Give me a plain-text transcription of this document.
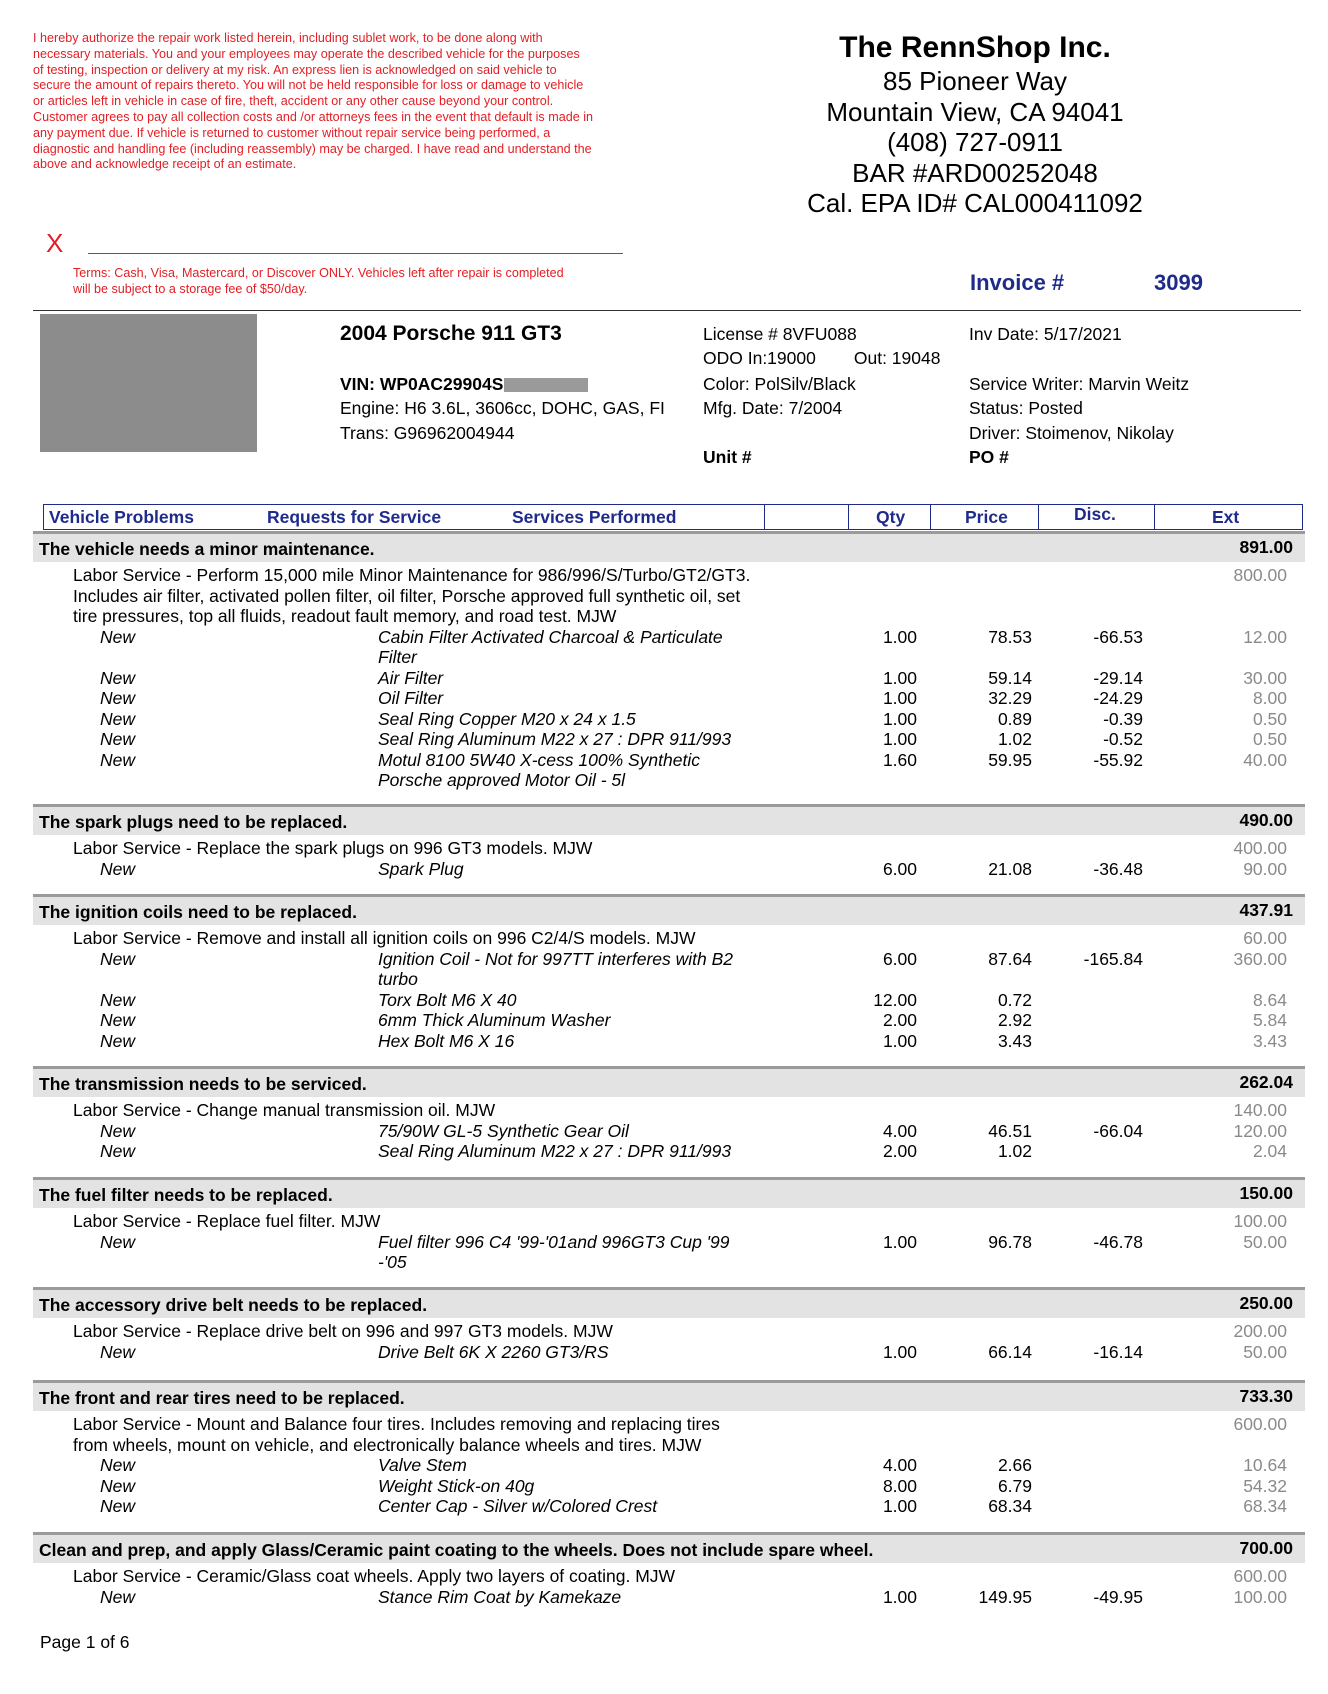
I hereby authorize the repair work listed herein, including sublet work, to be done along with
necessary materials. You and your employees may operate the described vehicle for the purposes
of testing, inspection or delivery at my risk. An express lien is acknowledged on said vehicle to
secure the amount of repairs thereto. You will not be held responsible for loss or damage to vehicle
or articles left in vehicle in case of fire, theft, accident or any other cause beyond your control.
Customer agrees to pay all collection costs and /or attorneys fees in the event that default is made in
any payment due. If vehicle is returned to customer without repair service being performed, a
diagnostic and handling fee (including reassembly) may be charged. I have read and understand the
above and acknowledge receipt of an estimate.
X
Terms: Cash, Visa, Mastercard, or Discover ONLY. Vehicles left after repair is completed
will be subject to a storage fee of $50/day.
The RennShop Inc.
85 Pioneer Way
Mountain View, CA 94041
(408) 727-0911
BAR #ARD00252048
Cal. EPA ID# CAL000411092
Invoice #	3099
2004 Porsche 911 GT3
VIN: WP0AC29904S
Engine: H6 3.6L, 3606cc, DOHC, GAS, FI
Trans: G96962004944
License # 8VFU088
ODO In:19000 Out: 19048
Color: PolSilv/Black
Mfg. Date: 7/2004
Unit #
Inv Date: 5/17/2021
Service Writer: Marvin Weitz
Status: Posted
Driver: Stoimenov, Nikolay
PO #
Vehicle Problems	Requests for Service	Services Performed	Qty	Price	Disc.	Ext
The vehicle needs a minor maintenance.	891.00
Labor Service - Perform 15,000 mile Minor Maintenance for 986/996/S/Turbo/GT2/GT3.	800.00
Includes air filter, activated pollen filter, oil filter, Porsche approved full synthetic oil, set
tire pressures, top all fluids, readout fault memory, and road test. MJW
New	Cabin Filter Activated Charcoal & Particulate	1.00	78.53	-66.53	12.00
Filter
New	Air Filter	1.00	59.14	-29.14	30.00
New	Oil Filter	1.00	32.29	-24.29	8.00
New	Seal Ring Copper M20 x 24 x 1.5	1.00	0.89	-0.39	0.50
New	Seal Ring Aluminum M22 x 27 : DPR 911/993	1.00	1.02	-0.52	0.50
New	Motul 8100 5W40 X-cess 100% Synthetic	1.60	59.95	-55.92	40.00
Porsche approved Motor Oil - 5l
The spark plugs need to be replaced.	490.00
Labor Service - Replace the spark plugs on 996 GT3 models. MJW	400.00
New	Spark Plug	6.00	21.08	-36.48	90.00
The ignition coils need to be replaced.	437.91
Labor Service - Remove and install all ignition coils on 996 C2/4/S models. MJW	60.00
New	Ignition Coil - Not for 997TT interferes with B2	6.00	87.64	-165.84	360.00
turbo
New	Torx Bolt M6 X 40	12.00	0.72	8.64
New	6mm Thick Aluminum Washer	2.00	2.92	5.84
New	Hex Bolt M6 X 16	1.00	3.43	3.43
The transmission needs to be serviced.	262.04
Labor Service - Change manual transmission oil. MJW	140.00
New	75/90W GL-5 Synthetic Gear Oil	4.00	46.51	-66.04	120.00
New	Seal Ring Aluminum M22 x 27 : DPR 911/993	2.00	1.02	2.04
The fuel filter needs to be replaced.	150.00
Labor Service - Replace fuel filter. MJW	100.00
New	Fuel filter 996 C4 '99-'01and 996GT3 Cup '99	1.00	96.78	-46.78	50.00
-'05
The accessory drive belt needs to be replaced.	250.00
Labor Service - Replace drive belt on 996 and 997 GT3 models. MJW	200.00
New	Drive Belt 6K X 2260 GT3/RS	1.00	66.14	-16.14	50.00
The front and rear tires need to be replaced.	733.30
Labor Service - Mount and Balance four tires. Includes removing and replacing tires	600.00
from wheels, mount on vehicle, and electronically balance wheels and tires. MJW
New	Valve Stem	4.00	2.66	10.64
New	Weight Stick-on 40g	8.00	6.79	54.32
New	Center Cap - Silver w/Colored Crest	1.00	68.34	68.34
Clean and prep, and apply Glass/Ceramic paint coating to the wheels. Does not include spare wheel.	700.00
Labor Service - Ceramic/Glass coat wheels. Apply two layers of coating. MJW	600.00
New	Stance Rim Coat by Kamekaze	1.00	149.95	-49.95	100.00
Page 1 of 6
